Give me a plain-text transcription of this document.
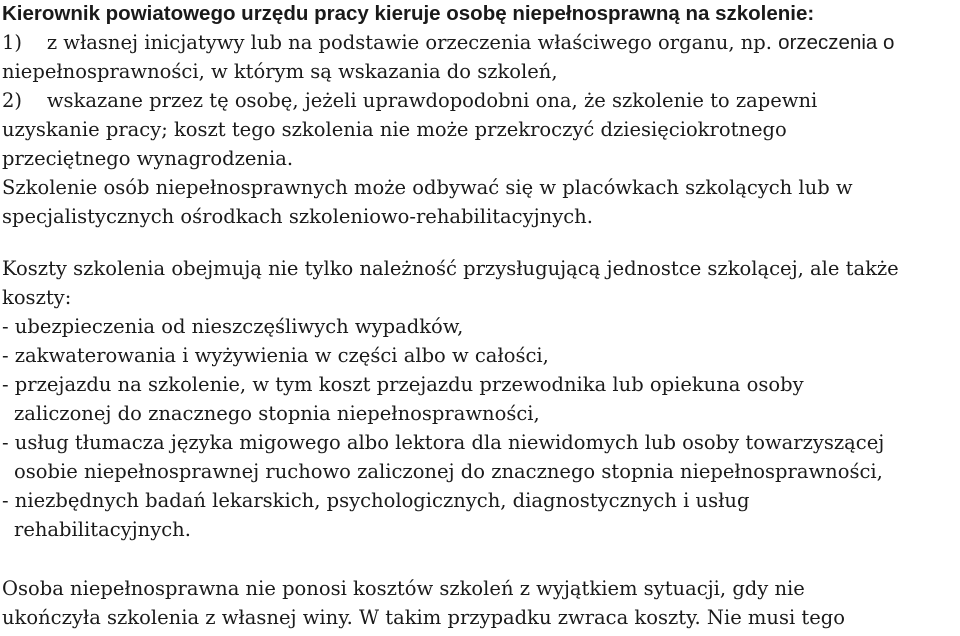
Kierownik powiatowego urzędu pracy kieruje osobę niepełnosprawną na szkolenie:
1) z własnej inicjatywy lub na podstawie orzeczenia właściwego organu, np. orzeczenia o
niepełnosprawności, w którym są wskazania do szkoleń,
2) wskazane przez tę osobę, jeżeli uprawdopodobni ona, że szkolenie to zapewni
uzyskanie pracy; koszt tego szkolenia nie może przekroczyć dziesięciokrotnego
przeciętnego wynagrodzenia.
Szkolenie osób niepełnosprawnych może odbywać się w placówkach szkolących lub w
specjalistycznych ośrodkach szkoleniowo-rehabilitacyjnych.
Koszty szkolenia obejmują nie tylko należność przysługującą jednostce szkolącej, ale także
koszty:
- ubezpieczenia od nieszczęśliwych wypadków,
- zakwaterowania i wyżywienia w części albo w całości,
- przejazdu na szkolenie, w tym koszt przejazdu przewodnika lub opiekuna osoby
zaliczonej do znacznego stopnia niepełnosprawności,
- usług tłumacza języka migowego albo lektora dla niewidomych lub osoby towarzyszącej
osobie niepełnosprawnej ruchowo zaliczonej do znacznego stopnia niepełnosprawności,
- niezbędnych badań lekarskich, psychologicznych, diagnostycznych i usług
rehabilitacyjnych.
Osoba niepełnosprawna nie ponosi kosztów szkoleń z wyjątkiem sytuacji, gdy nie
ukończyła szkolenia z własnej winy. W takim przypadku zwraca koszty. Nie musi tego
